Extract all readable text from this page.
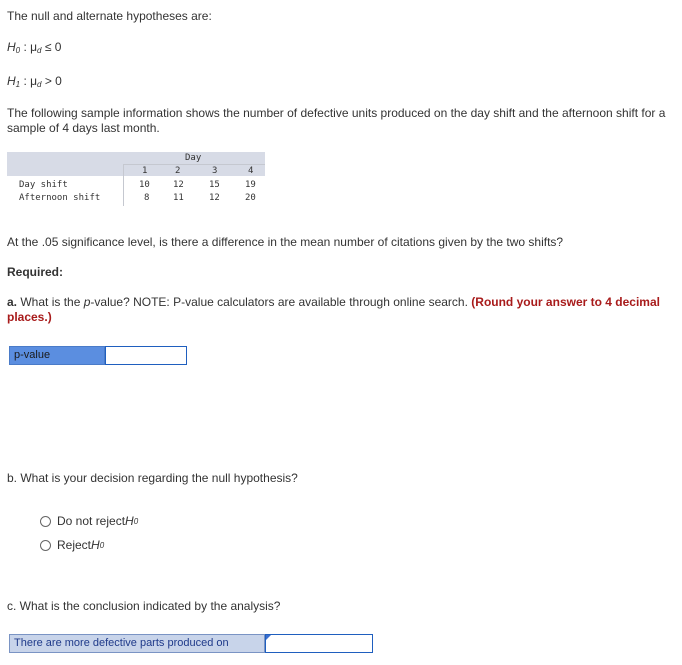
The null and alternate hypotheses are:
$H_0$ : $\mu_d \le 0$
$H_1$ : $\mu_d > 0$
The following sample information shows the number of defective units produced on the day shift and the afternoon shift for a sample of 4 days last month.
Day
1	2	3	4
Day shift	10	12	15	19
Afternoon shift	8	11	12	20
At the .05 significance level, is there a difference in the mean number of citations given by the two shifts?
Required:
a. What is the p-value? NOTE: P-value calculators are available through online search. (Round your answer to 4 decimal places.)
p-value
b. What is your decision regarding the null hypothesis?
Do not reject H 0
Reject H 0
c. What is the conclusion indicated by the analysis?
There are more defective parts produced on
